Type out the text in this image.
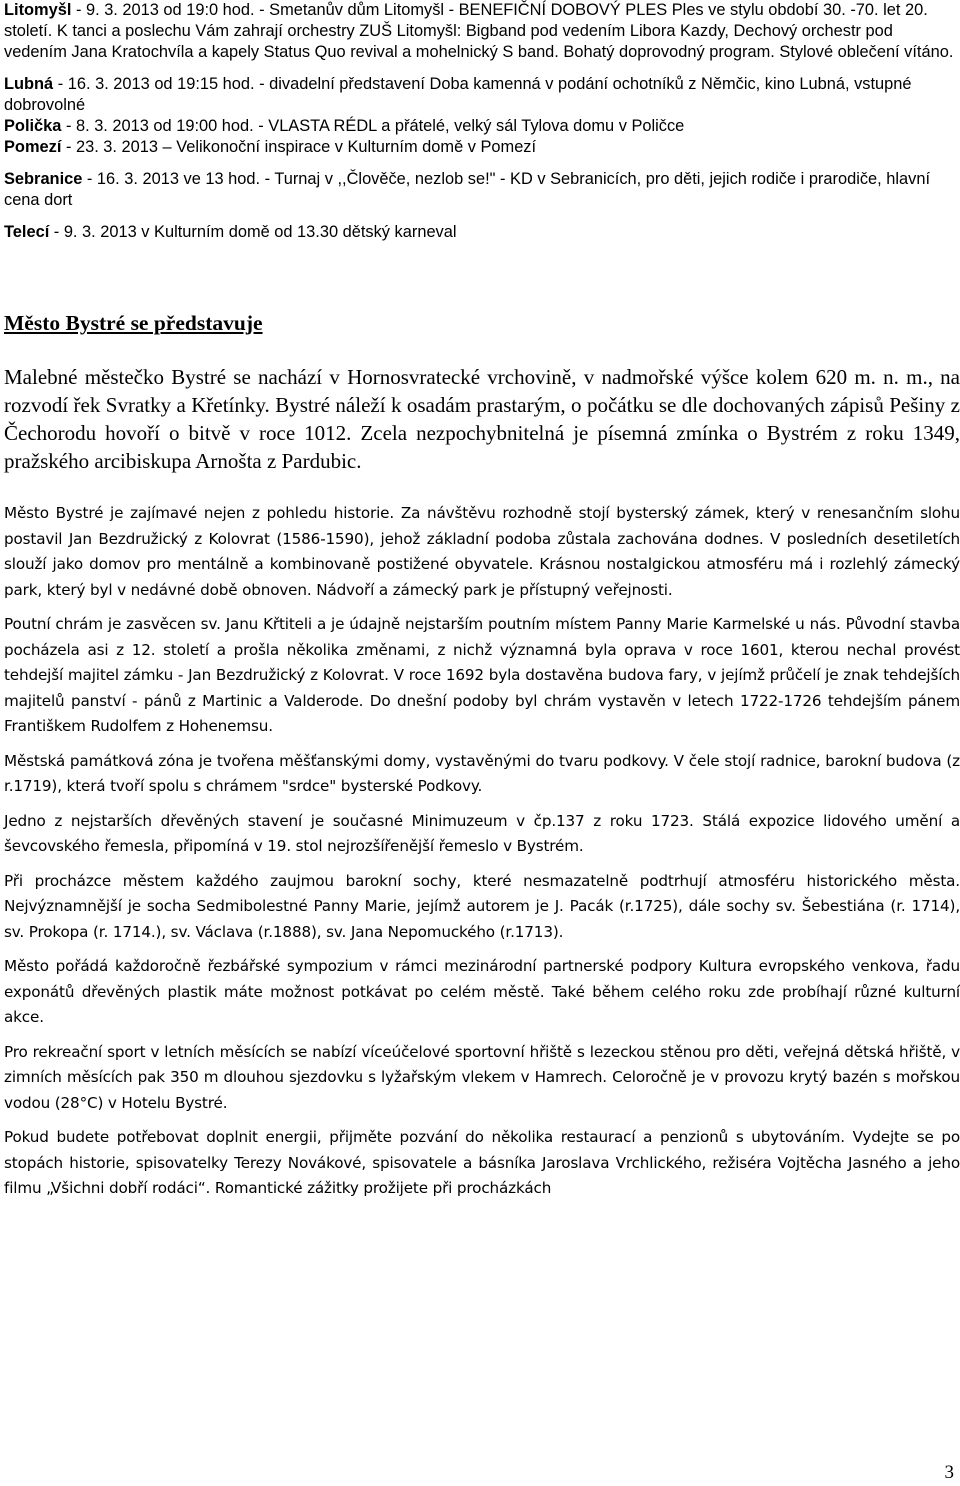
Litomyšl - 9. 3. 2013 od 19:0 hod. - Smetanův dům Litomyšl - BENEFIČNÍ DOBOVÝ PLES Ples ve stylu období 30. -70. let 20. století. K tanci a poslechu Vám zahrají orchestry ZUŠ Litomyšl: Bigband pod vedením Libora Kazdy, Dechový orchestr pod vedením Jana Kratochvíla a kapely Status Quo revival a mohelnický S band. Bohatý doprovodný program. Stylové oblečení vítáno.

Lubná - 16. 3. 2013 od 19:15 hod. - divadelní představení Doba kamenná v podání ochotníků z Němčic, kino Lubná, vstupné dobrovolné

Polička - 8. 3. 2013 od 19:00 hod. - VLASTA RÉDL a přátelé, velký sál Tylova domu v Poličce

Pomezí - 23. 3. 2013 – Velikonoční inspirace v Kulturním domě v Pomezí

Sebranice - 16. 3. 2013 ve 13 hod. - Turnaj v ,,Člověče, nezlob se!" - KD v Sebranicích, pro děti, jejich rodiče i prarodiče, hlavní cena dort

Telecí - 9. 3. 2013 v Kulturním domě od 13.30 dětský karneval

Město Bystré se představuje

Malebné městečko Bystré se nachází v Hornosvratecké vrchovině, v nadmořské výšce kolem 620 m. n. m., na rozvodí řek Svratky a Křetínky. Bystré náleží k osadám prastarým, o počátku se dle dochovaných zápisů Pešiny z Čechorodu hovoří o bitvě v roce 1012. Zcela nezpochybnitelná je písemná zmínka o Bystrém z roku 1349, pražského arcibiskupa Arnošta z Pardubic.

Město Bystré je zajímavé nejen z pohledu historie. Za návštěvu rozhodně stojí bysterský zámek, který v renesančním slohu postavil Jan Bezdružický z Kolovrat (1586-1590), jehož základní podoba zůstala zachována dodnes. V posledních desetiletích slouží jako domov pro mentálně a kombinovaně postižené obyvatele. Krásnou nostalgickou atmosféru má i rozlehlý zámecký park, který byl v nedávné době obnoven. Nádvoří a zámecký park je přístupný veřejnosti.

Poutní chrám je zasvěcen sv. Janu Křtiteli a je údajně nejstarším poutním místem Panny Marie Karmelské u nás. Původní stavba pocházela asi z 12. století a prošla několika změnami, z nichž významná byla oprava v roce 1601, kterou nechal provést tehdejší majitel zámku - Jan Bezdružický z Kolovrat. V roce 1692 byla dostavěna budova fary, v jejímž průčelí je znak tehdejších majitelů panství - pánů z Martinic a Valderode. Do dnešní podoby byl chrám vystavěn v letech 1722-1726 tehdejším pánem Františkem Rudolfem z Hohenemsu.

Městská památková zóna je tvořena měšťanskými domy, vystavěnými do tvaru podkovy. V čele stojí radnice, barokní budova (z r.1719), která tvoří spolu s chrámem "srdce" bysterské Podkovy.

Jedno z nejstarších dřevěných stavení je současné Minimuzeum v čp.137 z roku 1723. Stálá expozice lidového umění a ševcovského řemesla, připomíná v 19. stol nejrozšířenější řemeslo v Bystrém.

Při procházce městem každého zaujmou barokní sochy, které nesmazatelně podtrhují atmosféru historického města. Nejvýznamnější je socha Sedmibolestné Panny Marie, jejímž autorem je J. Pacák (r.1725), dále sochy sv. Šebestiána (r. 1714), sv. Prokopa (r. 1714.), sv. Václava (r.1888), sv. Jana Nepomuckého (r.1713).

Město pořádá každoročně řezbářské sympozium v rámci mezinárodní partnerské podpory Kultura evropského venkova, řadu exponátů dřevěných plastik máte možnost potkávat po celém městě. Také během celého roku zde probíhají různé kulturní akce.

Pro rekreační sport v letních měsících se nabízí víceúčelové sportovní hřiště s lezeckou stěnou pro děti, veřejná dětská hřiště, v zimních měsících pak 350 m dlouhou sjezdovku s lyžařským vlekem v Hamrech. Celoročně je v provozu krytý bazén s mořskou vodou (28°C) v Hotelu Bystré.

Pokud budete potřebovat doplnit energii, přijměte pozvání do několika restaurací a penzionů s ubytováním. Vydejte se po stopách historie, spisovatelky Terezy Novákové, spisovatele a básníka Jaroslava Vrchlického, režiséra Vojtěcha Jasného a jeho filmu „Všichni dobří rodáci“. Romantické zážitky prožijete při procházkách

3
